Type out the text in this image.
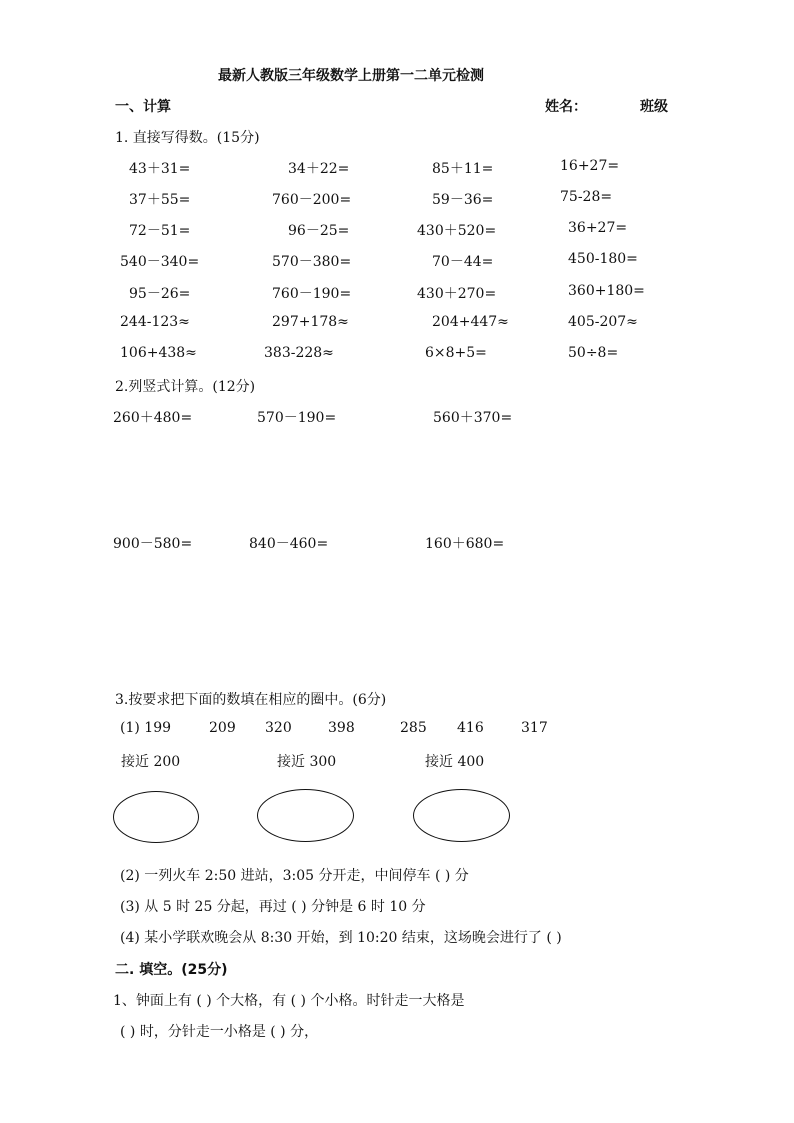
最新人教版三年级数学上册第一二单元检测
一、计算	姓名：	班级
1. 直接写得数。(15分)
43＋31=	34＋22=	85＋11=	16+27=
37＋55=	760－200=	59－36=	75-28=
72－51=	96－25=	430＋520=	36+27=
540－340=	570－380=	70－44=	450-180=
95－26=	760－190=	430＋270=	360+180=
244-123≈	297+178≈	204+447≈	405-207≈
106+438≈	383-228≈	6×8+5=	50÷8=
2.列竖式计算。(12分)
260＋480=	570－190=	560＋370=
900－580=	840－460=	160＋680=
3.按要求把下面的数填在相应的圈中。(6分)
(1) 199	209 320	398	285 416	317
接近 200	接近 300	接近 400
(2) 一列火车 2:50 进站，3:05 分开走，中间停车 ( ) 分
(3) 从 5 时 25 分起，再过 ( ) 分钟是 6 时 10 分
(4) 某小学联欢晚会从 8:30 开始，到 10:20 结束，这场晚会进行了 ( )
二. 填空。(25分)
1、钟面上有 ( ) 个大格，有 ( ) 个小格。时针走一大格是
( ) 时，分针走一小格是 ( ) 分，
